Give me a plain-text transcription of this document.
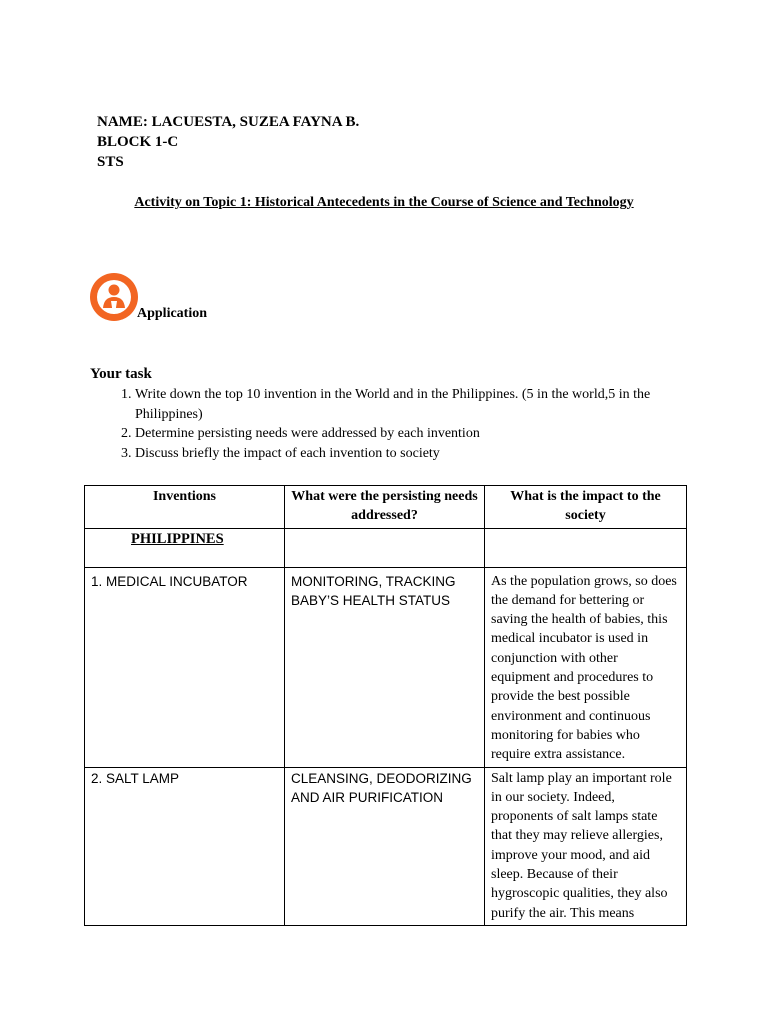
NAME: LACUESTA, SUZEA FAYNA B.
BLOCK 1-C
STS
Activity on Topic 1: Historical Antecedents in the Course of Science and Technology
Application
Your task
1. Write down the top 10 invention in the World and in the Philippines. (5 in the world,5 in the Philippines)
2. Determine persisting needs were addressed by each invention
3. Discuss briefly the impact of each invention to society
Inventions	What were the persisting needs addressed?	What is the impact to the society
PHILIPPINES		
1. MEDICAL INCUBATOR	MONITORING, TRACKING BABY’S HEALTH STATUS	As the population grows, so does the demand for bettering or saving the health of babies, this medical incubator is used in conjunction with other equipment and procedures to provide the best possible environment and continuous monitoring for babies who require extra assistance.
2. SALT LAMP	CLEANSING, DEODORIZING AND AIR PURIFICATION	Salt lamp play an important role in our society. Indeed, proponents of salt lamps state that they may relieve allergies, improve your mood, and aid sleep. Because of their hygroscopic qualities, they also purify the air. This means
